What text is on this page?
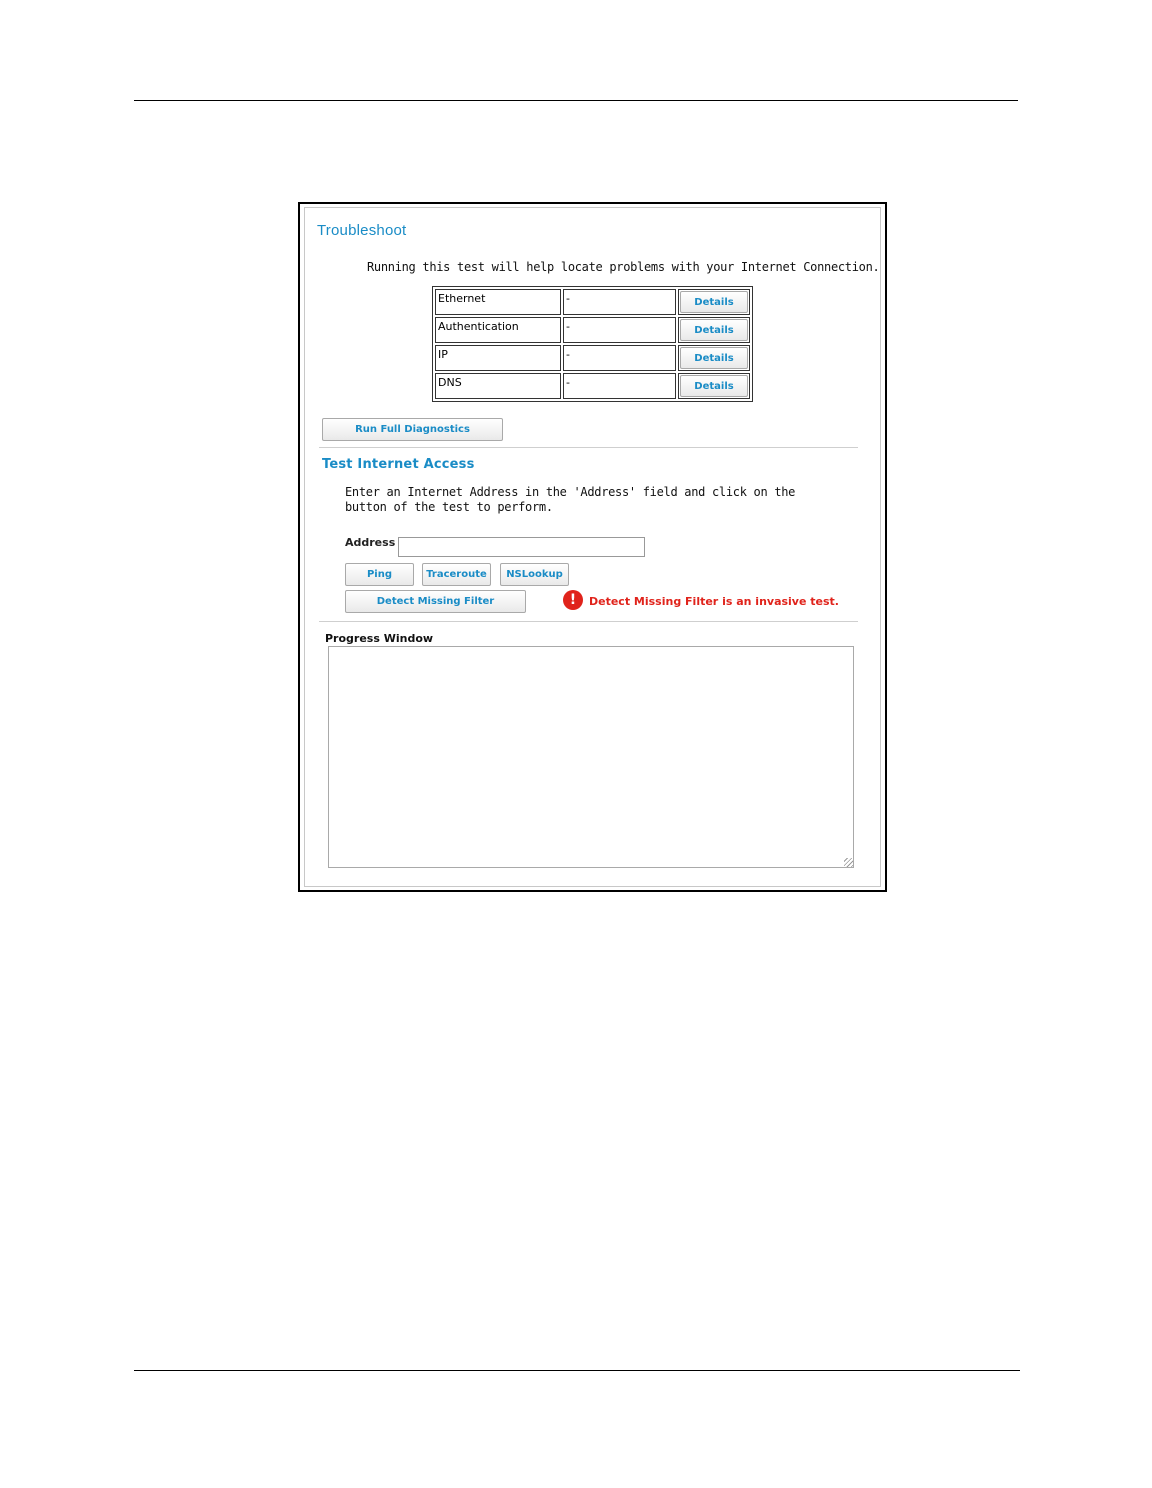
Troubleshoot
Running this test will help locate problems with your Internet Connection.
Ethernet	-	Details

Authentication	-	Details

IP	-	Details

DNS	-	Details
Run Full Diagnostics
Test Internet Access
Enter an Internet Address in the 'Address' field and click on the button of the test to perform.
Address
Ping	Traceroute	NSLookup
Detect Missing Filter	!	Detect Missing Filter is an invasive test.
Progress Window
